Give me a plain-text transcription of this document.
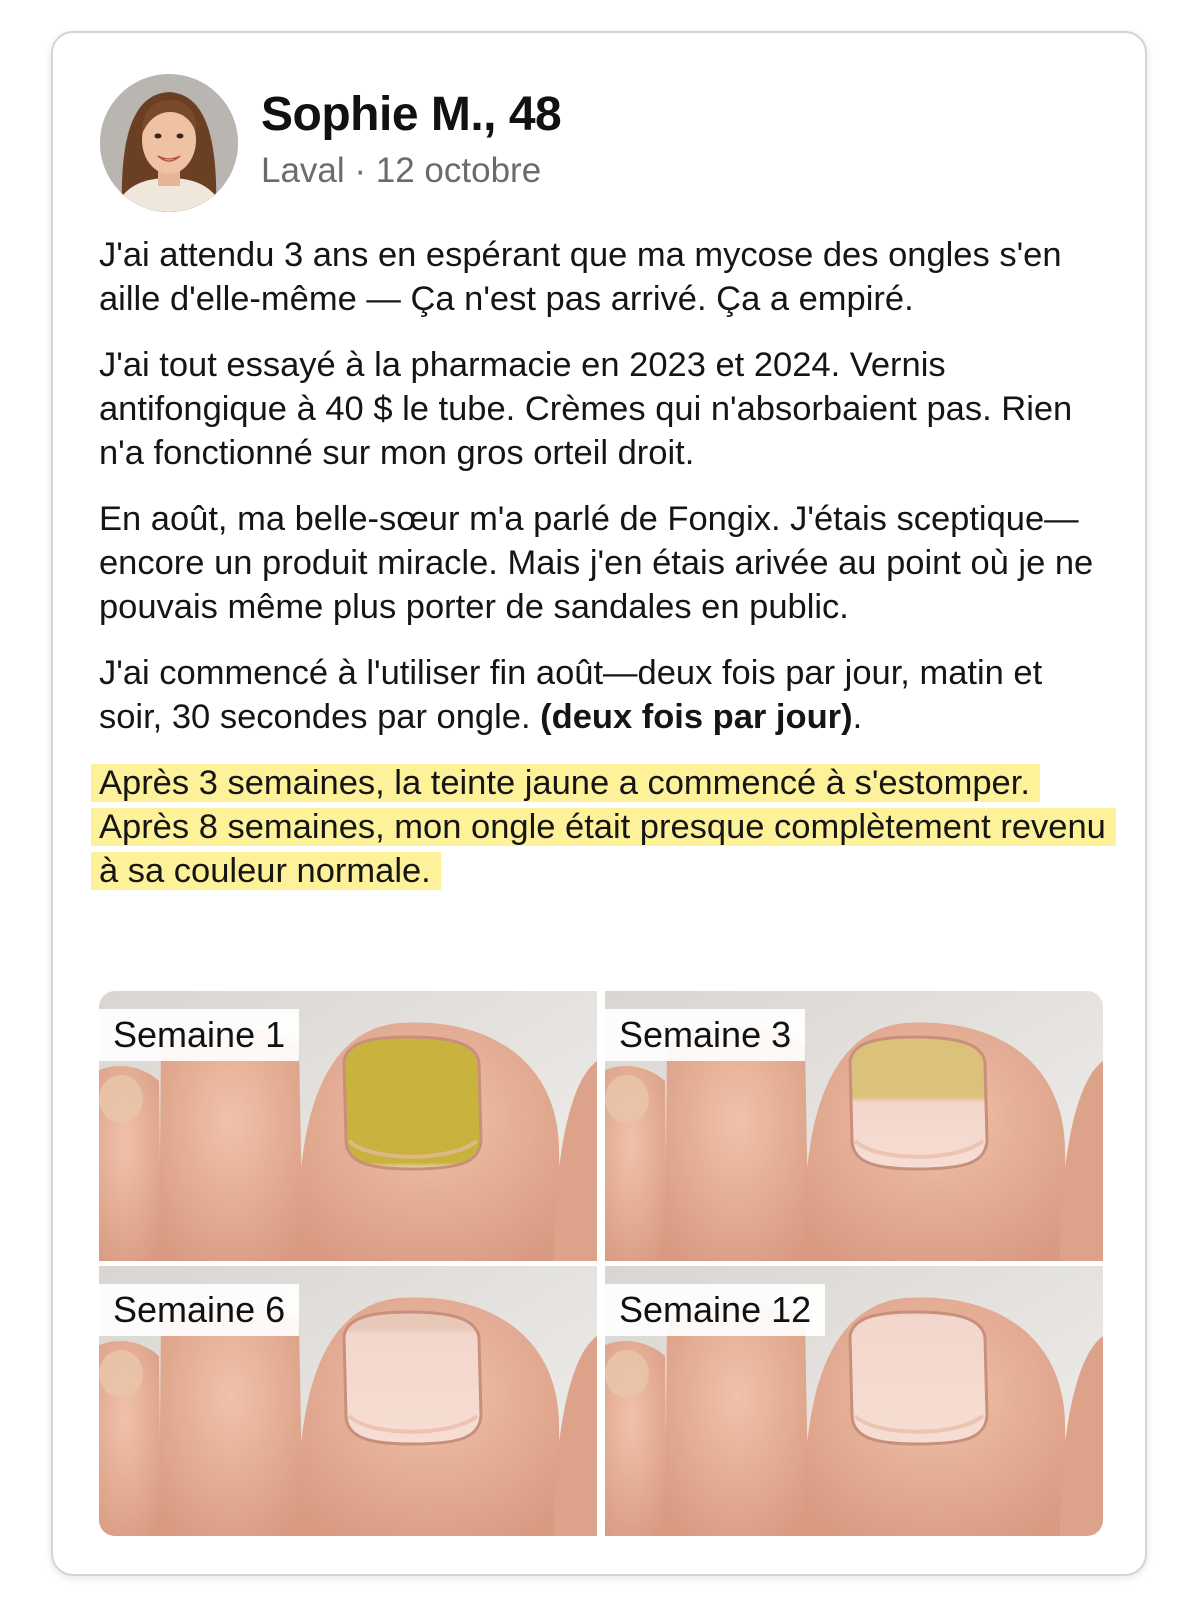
Sophie M., 48
Laval · 12 octobre

J'ai attendu 3 ans en espérant que ma mycose des ongles s'en aille d'elle-même — Ça n'est pas arrivé. Ça a empiré.

J'ai tout essayé à la pharmacie en 2023 et 2024. Vernis antifongique à 40 $ le tube. Crèmes qui n'absorbaient pas. Rien n'a fonctionné sur mon gros orteil droit.

En août, ma belle-sœur m'a parlé de Fongix. J'étais sceptique—encore un produit miracle. Mais j'en étais arivée au point où je ne pouvais même plus porter de sandales en public.

J'ai commencé à l'utiliser fin août—deux fois par jour, matin et soir, 30 secondes par ongle. (deux fois par jour).

Après 3 semaines, la teinte jaune a commencé à s'estomper. Après 8 semaines, mon ongle était presque complètement revenu à sa couleur normale.

Semaine 1	Semaine 3
Semaine 6	Semaine 12
